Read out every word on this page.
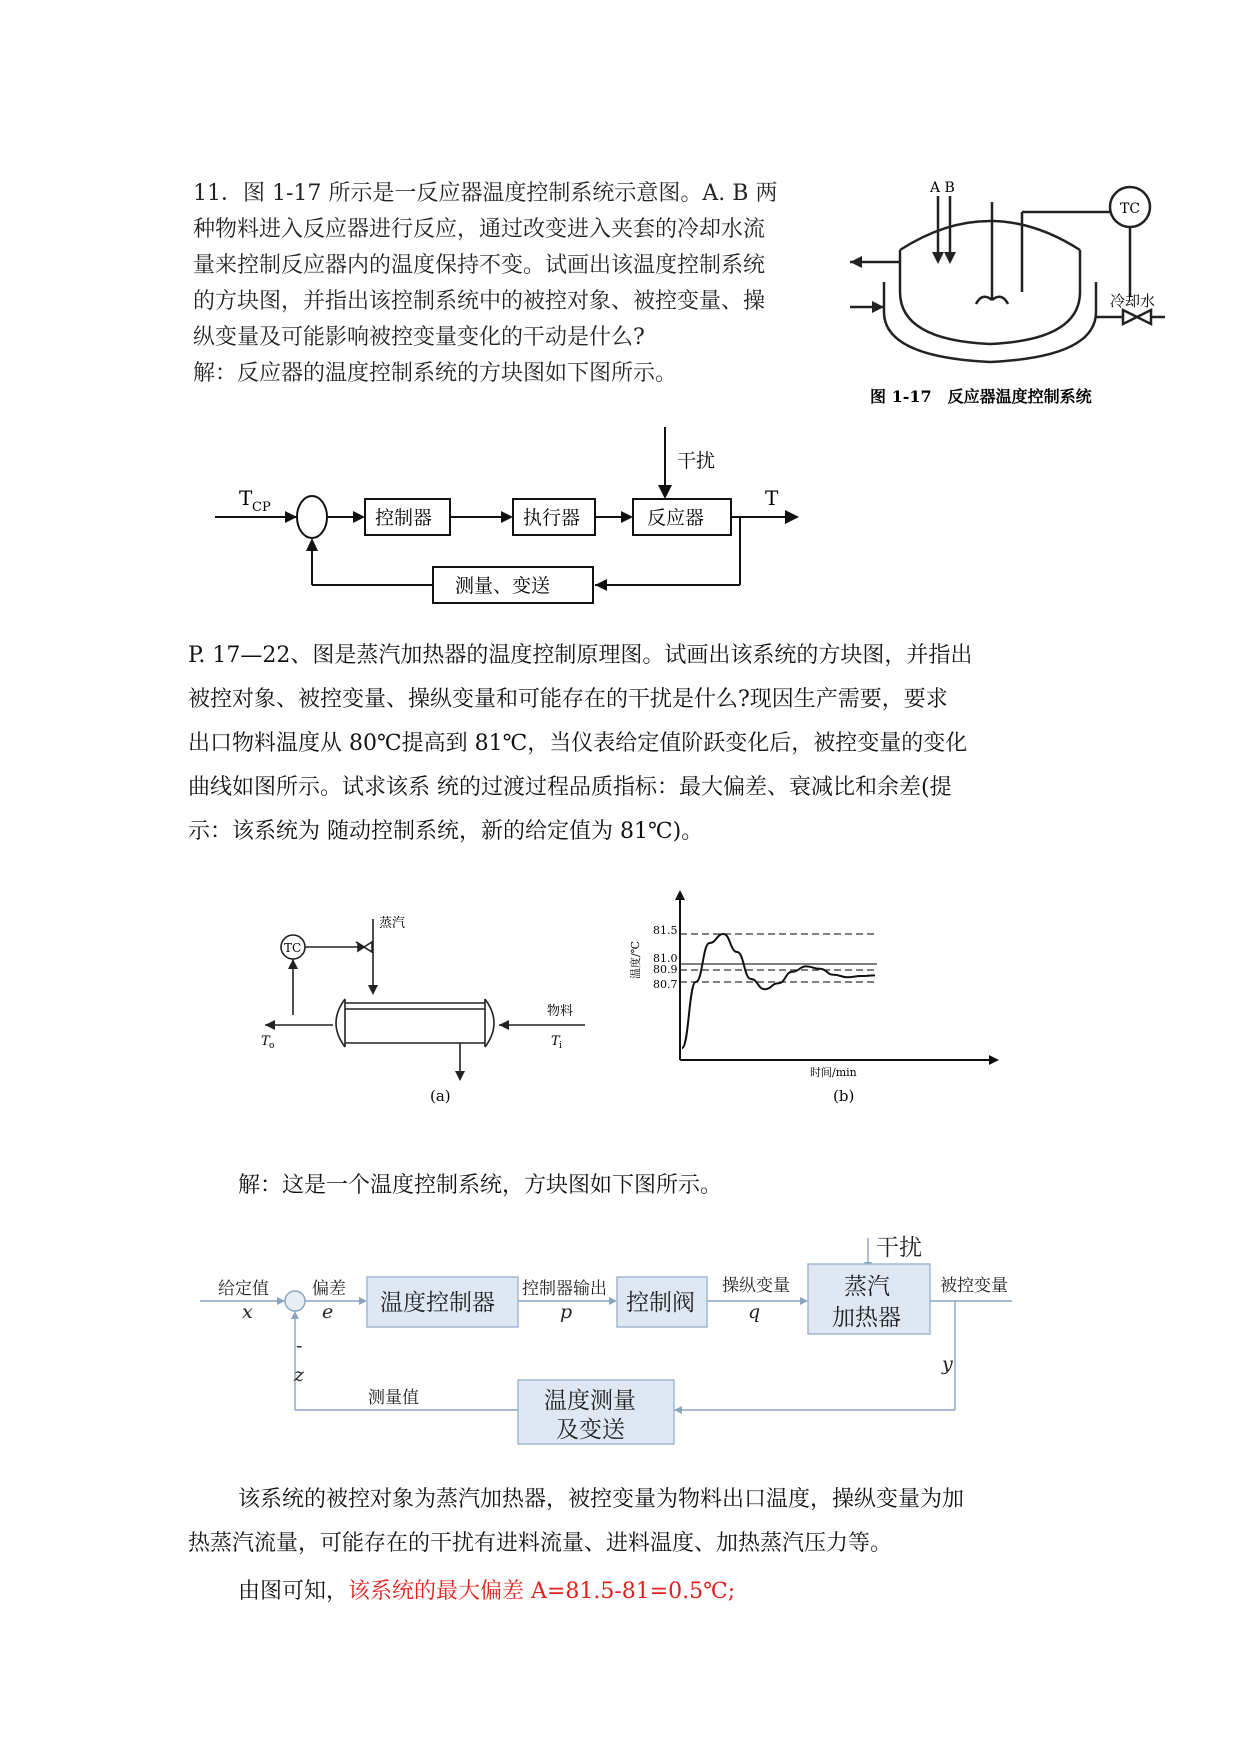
11．图 1-17 所示是一反应器温度控制系统示意图。A. B 两
种物料进入反应器进行反应，通过改变进入夹套的冷却水流
量来控制反应器内的温度保持不变。试画出该温度控制系统
的方块图，并指出该控制系统中的被控对象、被控变量、操
纵变量及可能影响被控变量变化的干动是什么?
解：反应器的温度控制系统的方块图如下图所示。
A B
TC
冷却水
图 1-17　反应器温度控制系统
T CP	T
干扰
控制器	执行器	反应器
测量、变送
P. 17—22、图是蒸汽加热器的温度控制原理图。试画出该系统的方块图，并指出
被控对象、被控变量、操纵变量和可能存在的干扰是什么?现因生产需要，要求
出口物料温度从 80℃提高到 81℃，当仪表给定值阶跃变化后，被控变量的变化
曲线如图所示。试求该系 统的过渡过程品质指标：最大偏差、衰减比和余差(提
示：该系统为 随动控制系统，新的给定值为 81℃)。
TC
蒸汽
物料
T o	T i
(a)
81.5
81.0
80.9
80.7
温度/℃
时间/min
(b)
解：这是一个温度控制系统，方块图如下图所示。
给定值
x
偏差
e 温度控制器
控制器输出
p 控制阀
操纵变量
q
蒸汽
加热器
干扰
被控变量
y
-
z
测量值	温度测量
及变送
该系统的被控对象为蒸汽加热器，被控变量为物料出口温度，操纵变量为加
热蒸汽流量，可能存在的干扰有进料流量、进料温度、加热蒸汽压力等。
由图可知，该系统的最大偏差 A=81.5-81=0.5℃;
